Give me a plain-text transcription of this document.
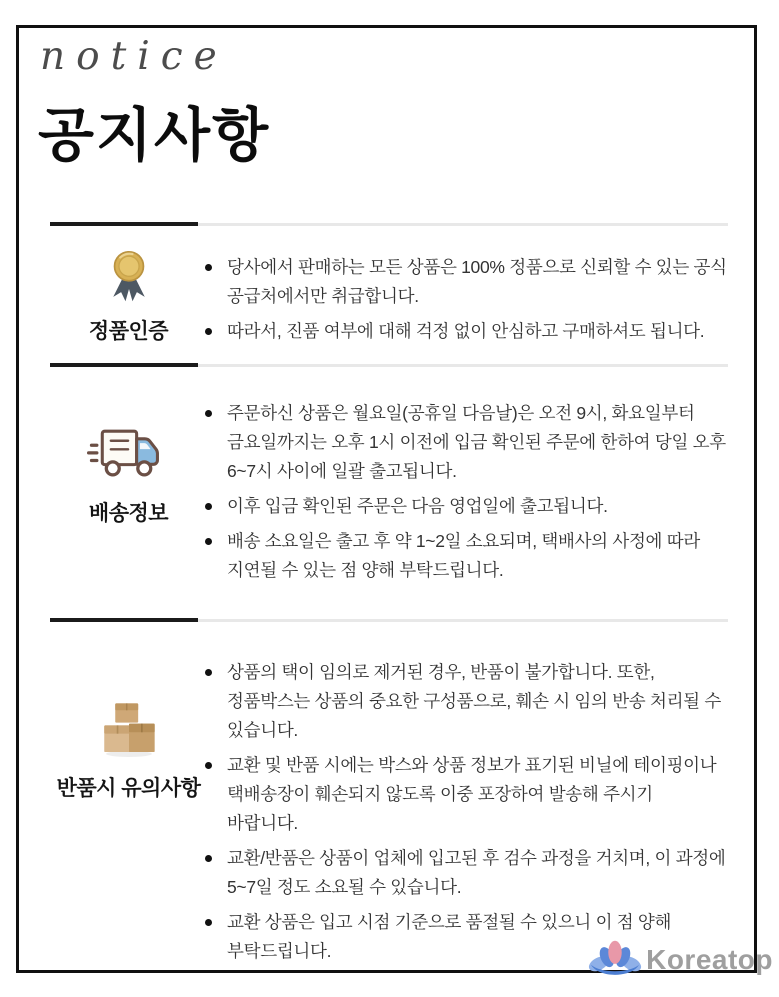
notice
공지사항
정품인증
당사에서 판매하는 모든 상품은 100% 정품으로 신뢰할 수 있는 공식 공급처에서만 취급합니다.
따라서, 진품 여부에 대해 걱정 없이 안심하고 구매하셔도 됩니다.
배송정보
주문하신 상품은 월요일(공휴일 다음날)은 오전 9시, 화요일부터 금요일까지는 오후 1시 이전에 입금 확인된 주문에 한하여 당일 오후 6~7시 사이에 일괄 출고됩니다.
이후 입금 확인된 주문은 다음 영업일에 출고됩니다.
배송 소요일은 출고 후 약 1~2일 소요되며, 택배사의 사정에 따라 지연될 수 있는 점 양해 부탁드립니다.
반품시 유의사항
상품의 택이 임의로 제거된 경우, 반품이 불가합니다. 또한, 정품박스는 상품의 중요한 구성품으로, 훼손 시 임의 반송 처리될 수 있습니다.
교환 및 반품 시에는 박스와 상품 정보가 표기된 비닐에 테이핑이나 택배송장이 훼손되지 않도록 이중 포장하여 발송해 주시기 바랍니다.
교환/반품은 상품이 업체에 입고된 후 검수 과정을 거치며, 이 과정에 5~7일 정도 소요될 수 있습니다.
교환 상품은 입고 시점 기준으로 품절될 수 있으니 이 점 양해 부탁드립니다.	Koreatop
